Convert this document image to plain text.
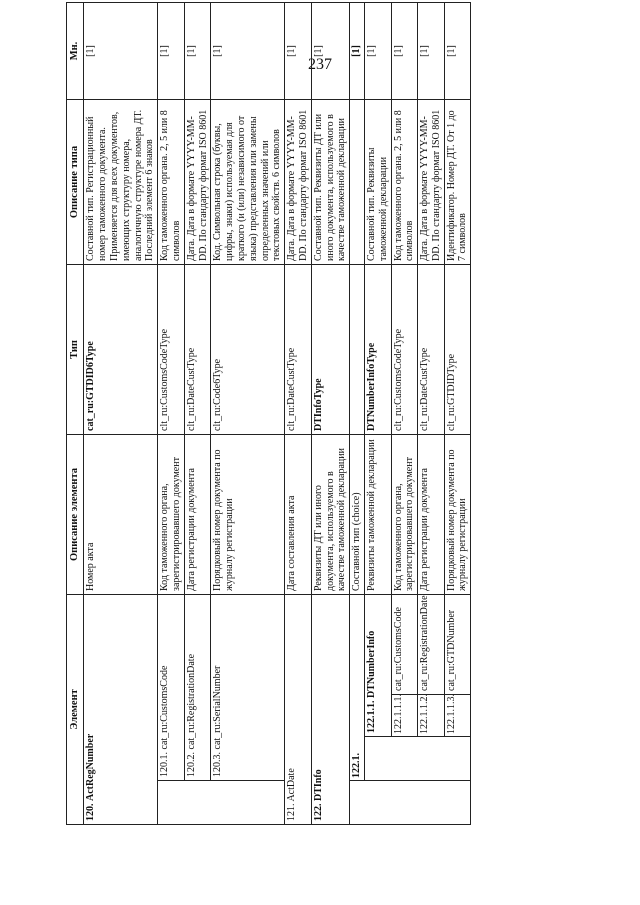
237
Элемент				Описание элемента	Тип	Описание типа	Мн.
120. ActRegNumber				Номер акта	cat_ru:GTDID6Type	Составной тип. Регистрационный номер таможенного документа. Применяется для всех документов, имеющих структуру номера, аналогичную структуре номера ДТ. Последний элемент 6 знаков	[1]
	120.1. cat_ru:CustomsCode			Код таможенного органа, зарегистрировавшего документ	clt_ru:CustomsCodeType	Код таможенного органа. 2, 5 или 8 символов	[1]
	120.2. cat_ru:RegistrationDate			Дата регистрации документа	clt_ru:DateCustType	Дата. Дата в формате YYYY-MM-DD. По стандарту формат ISO 8601	[1]
	120.3. cat_ru:SerialNumber			Порядковый номер документа по журналу регистрации	clt_ru:Code6Type	Код. Символьная строка (буквы, цифры, знаки) используемая для краткого (и (или) независимого от языка) представления или замены определенных значений или текстовых свойств. 6 символов	[1]
121. ActDate				Дата составления акта	clt_ru:DateCustType	Дата. Дата в формате YYYY-MM-DD. По стандарту формат ISO 8601	[1]
122. DTInfo				Реквизиты ДТ или иного документа, используемого в качестве таможенной декларации	DTInfoType	Составной тип. Реквизиты ДТ или иного документа, используемого в качестве таможенной декларации	[1]
	122.1.			Составной тип (choice)			[1]
		122.1.1. DTNumberInfo		Реквизиты таможенной декларации	DTNumberInfoType	Составной тип. Реквизиты таможенной декларации	[1]
		122.1.1.1.	cat_ru:CustomsCode	Код таможенного органа, зарегистрировавшего документ	clt_ru:CustomsCodeType	Код таможенного органа. 2, 5 или 8 символов	[1]
		122.1.1.2.	cat_ru:RegistrationDate	Дата регистрации документа	clt_ru:DateCustType	Дата. Дата в формате YYYY-MM-DD. По стандарту формат ISO 8601	[1]
		122.1.1.3.	cat_ru:GTDNumber	Порядковый номер документа по журналу регистрации	clt_ru:GTDIDType	Идентификатор. Номер ДТ. От 1 до 7 символов	[1]
